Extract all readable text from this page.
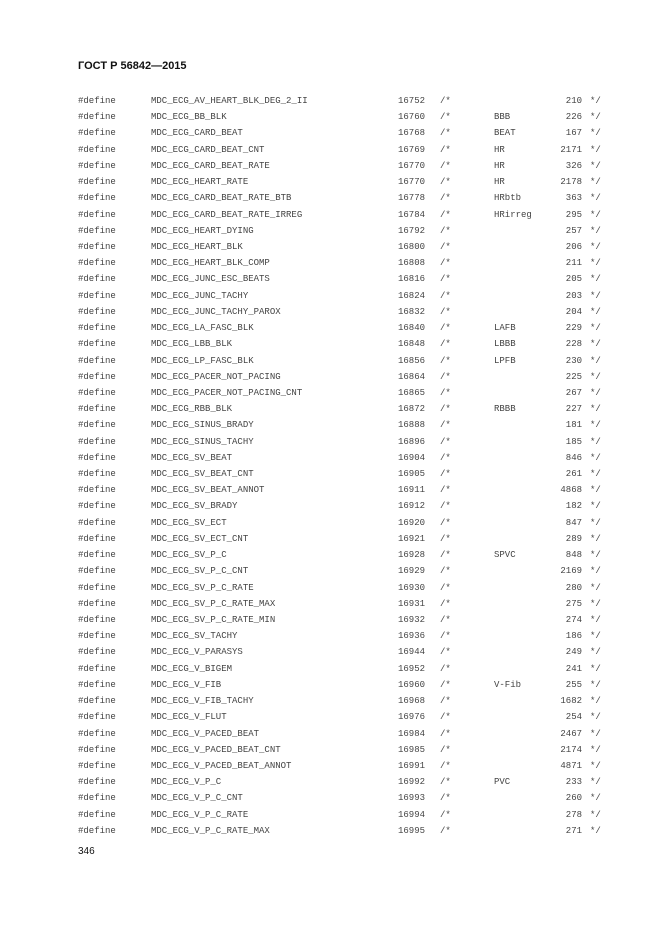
ГОСТ Р 56842—2015
#define	MDC_ECG_AV_HEART_BLK_DEG_2_II	16752 /*	210 */
#define	MDC_ECG_BB_BLK	16760 /*	BBB	226 */
#define	MDC_ECG_CARD_BEAT	16768 /*	BEAT	167 */
#define	MDC_ECG_CARD_BEAT_CNT	16769 /*	HR	2171 */
#define	MDC_ECG_CARD_BEAT_RATE	16770 /*	HR	326 */
#define	MDC_ECG_HEART_RATE	16770 /*	HR	2178 */
#define	MDC_ECG_CARD_BEAT_RATE_BTB	16778 /*	HRbtb	363 */
#define	MDC_ECG_CARD_BEAT_RATE_IRREG	16784 /*	HRirreg	295 */
#define	MDC_ECG_HEART_DYING	16792 /*	257 */
#define	MDC_ECG_HEART_BLK	16800 /*	206 */
#define	MDC_ECG_HEART_BLK_COMP	16808 /*	211 */
#define	MDC_ECG_JUNC_ESC_BEATS	16816 /*	205 */
#define	MDC_ECG_JUNC_TACHY	16824 /*	203 */
#define	MDC_ECG_JUNC_TACHY_PAROX	16832 /*	204 */
#define	MDC_ECG_LA_FASC_BLK	16840 /*	LAFB	229 */
#define	MDC_ECG_LBB_BLK	16848 /*	LBBB	228 */
#define	MDC_ECG_LP_FASC_BLK	16856 /*	LPFB	230 */
#define	MDC_ECG_PACER_NOT_PACING	16864 /*	225 */
#define	MDC_ECG_PACER_NOT_PACING_CNT	16865 /*	267 */
#define	MDC_ECG_RBB_BLK	16872 /*	RBBB	227 */
#define	MDC_ECG_SINUS_BRADY	16888 /*	181 */
#define	MDC_ECG_SINUS_TACHY	16896 /*	185 */
#define	MDC_ECG_SV_BEAT	16904 /*	846 */
#define	MDC_ECG_SV_BEAT_CNT	16905 /*	261 */
#define	MDC_ECG_SV_BEAT_ANNOT	16911 /*	4868 */
#define	MDC_ECG_SV_BRADY	16912 /*	182 */
#define	MDC_ECG_SV_ECT	16920 /*	847 */
#define	MDC_ECG_SV_ECT_CNT	16921 /*	289 */
#define	MDC_ECG_SV_P_C	16928 /*	SPVC	848 */
#define	MDC_ECG_SV_P_C_CNT	16929 /*	2169 */
#define	MDC_ECG_SV_P_C_RATE	16930 /*	280 */
#define	MDC_ECG_SV_P_C_RATE_MAX	16931 /*	275 */
#define	MDC_ECG_SV_P_C_RATE_MIN	16932 /*	274 */
#define	MDC_ECG_SV_TACHY	16936 /*	186 */
#define	MDC_ECG_V_PARASYS	16944 /*	249 */
#define	MDC_ECG_V_BIGEM	16952 /*	241 */
#define	MDC_ECG_V_FIB	16960 /*	V-Fib	255 */
#define	MDC_ECG_V_FIB_TACHY	16968 /*	1682 */
#define	MDC_ECG_V_FLUT	16976 /*	254 */
#define	MDC_ECG_V_PACED_BEAT	16984 /*	2467 */
#define	MDC_ECG_V_PACED_BEAT_CNT	16985 /*	2174 */
#define	MDC_ECG_V_PACED_BEAT_ANNOT	16991 /*	4871 */
#define	MDC_ECG_V_P_C	16992 /*	PVC	233 */
#define	MDC_ECG_V_P_C_CNT	16993 /*	260 */
#define	MDC_ECG_V_P_C_RATE	16994 /*	278 */
#define	MDC_ECG_V_P_C_RATE_MAX	16995 /*	271 */
346
